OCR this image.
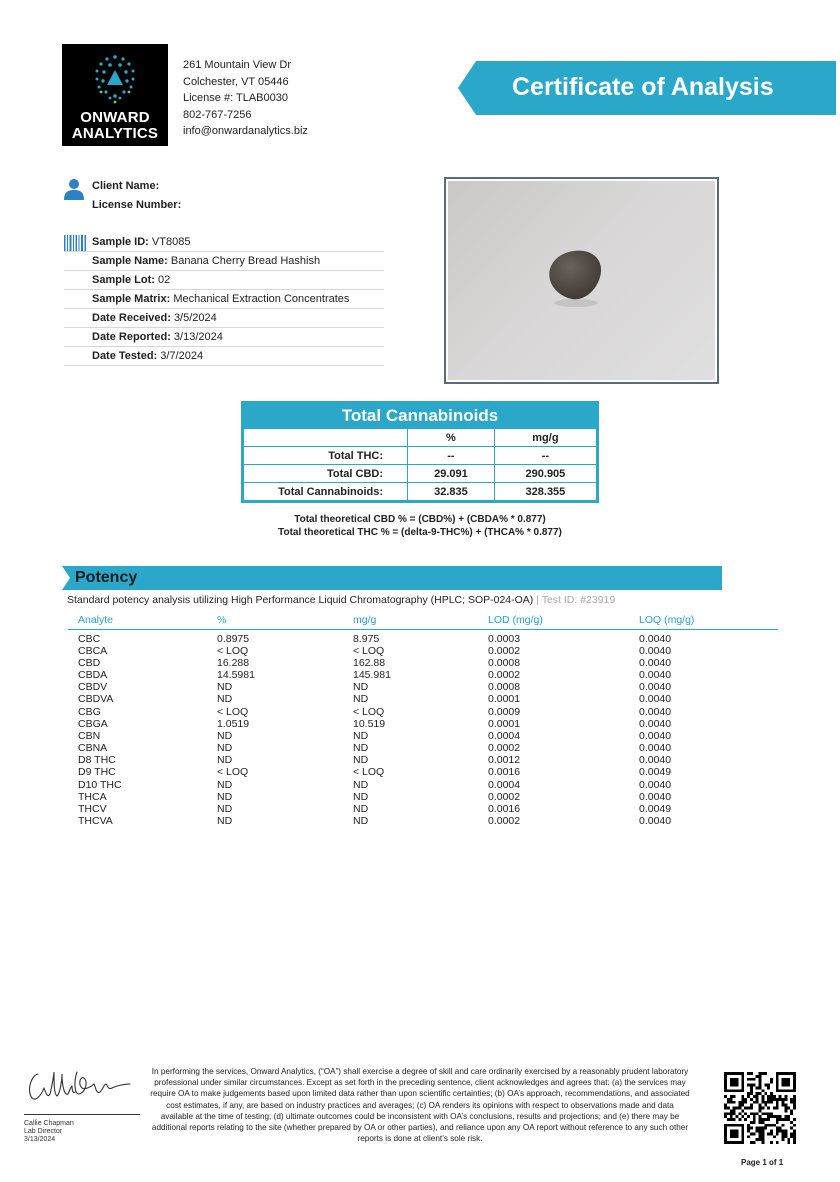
ONWARD
ANALYTICS
261 Mountain View Dr
Colchester, VT 05446
License #: TLAB0030
802-767-7256
info@onwardanalytics.biz
Certificate of Analysis
Client Name:
License Number:
Sample ID: VT8085
Sample Name: Banana Cherry Bread Hashish
Sample Lot: 02
Sample Matrix: Mechanical Extraction Concentrates
Date Received: 3/5/2024
Date Reported: 3/13/2024
Date Tested: 3/7/2024
Total Cannabinoids
	%	mg/g
Total THC:	--	--
Total CBD:	29.091	290.905
Total Cannabinoids:	32.835	328.355
Total theoretical CBD % = (CBD%) + (CBDA% * 0.877)
Total theoretical THC % = (delta-9-THC%) + (THCA% * 0.877)
Potency
Standard potency analysis utilizing High Performance Liquid Chromatography (HPLC; SOP-024-OA) | Test ID: #23919
Analyte	%	mg/g	LOD (mg/g)	LOQ (mg/g)
CBC	0.8975	8.975	0.0003	0.0040
CBCA	< LOQ	< LOQ	0.0002	0.0040
CBD	16.288	162.88	0.0008	0.0040
CBDA	14.5981	145.981	0.0002	0.0040
CBDV	ND	ND	0.0008	0.0040
CBDVA	ND	ND	0.0001	0.0040
CBG	< LOQ	< LOQ	0.0009	0.0040
CBGA	1.0519	10.519	0.0001	0.0040
CBN	ND	ND	0.0004	0.0040
CBNA	ND	ND	0.0002	0.0040
D8 THC	ND	ND	0.0012	0.0040
D9 THC	< LOQ	< LOQ	0.0016	0.0049
D10 THC	ND	ND	0.0004	0.0040
THCA	ND	ND	0.0002	0.0040
THCV	ND	ND	0.0016	0.0049
THCVA	ND	ND	0.0002	0.0040
Callie Chapman
Lab Director
3/13/2024
In performing the services, Onward Analytics, (“OA”) shall exercise a degree of skill and care ordinarily exercised by a reasonably prudent laboratory professional under similar circumstances. Except as set forth in the preceding sentence, client acknowledges and agrees that: (a) the services may require OA to make judgements based upon limited data rather than upon scientific certainties; (b) OA’s approach, recommendations, and associated cost estimates, if any, are based on industry practices and averages; (c) OA renders its opinions with respect to observations made and data available at the time of testing; (d) ultimate outcomes could be inconsistent with OA’s conclusions, results and projections; and (e) there may be additional reports relating to the site (whether prepared by OA or other parties), and reliance upon any OA report without reference to any such other reports is done at client’s sole risk.
Page 1 of 1
